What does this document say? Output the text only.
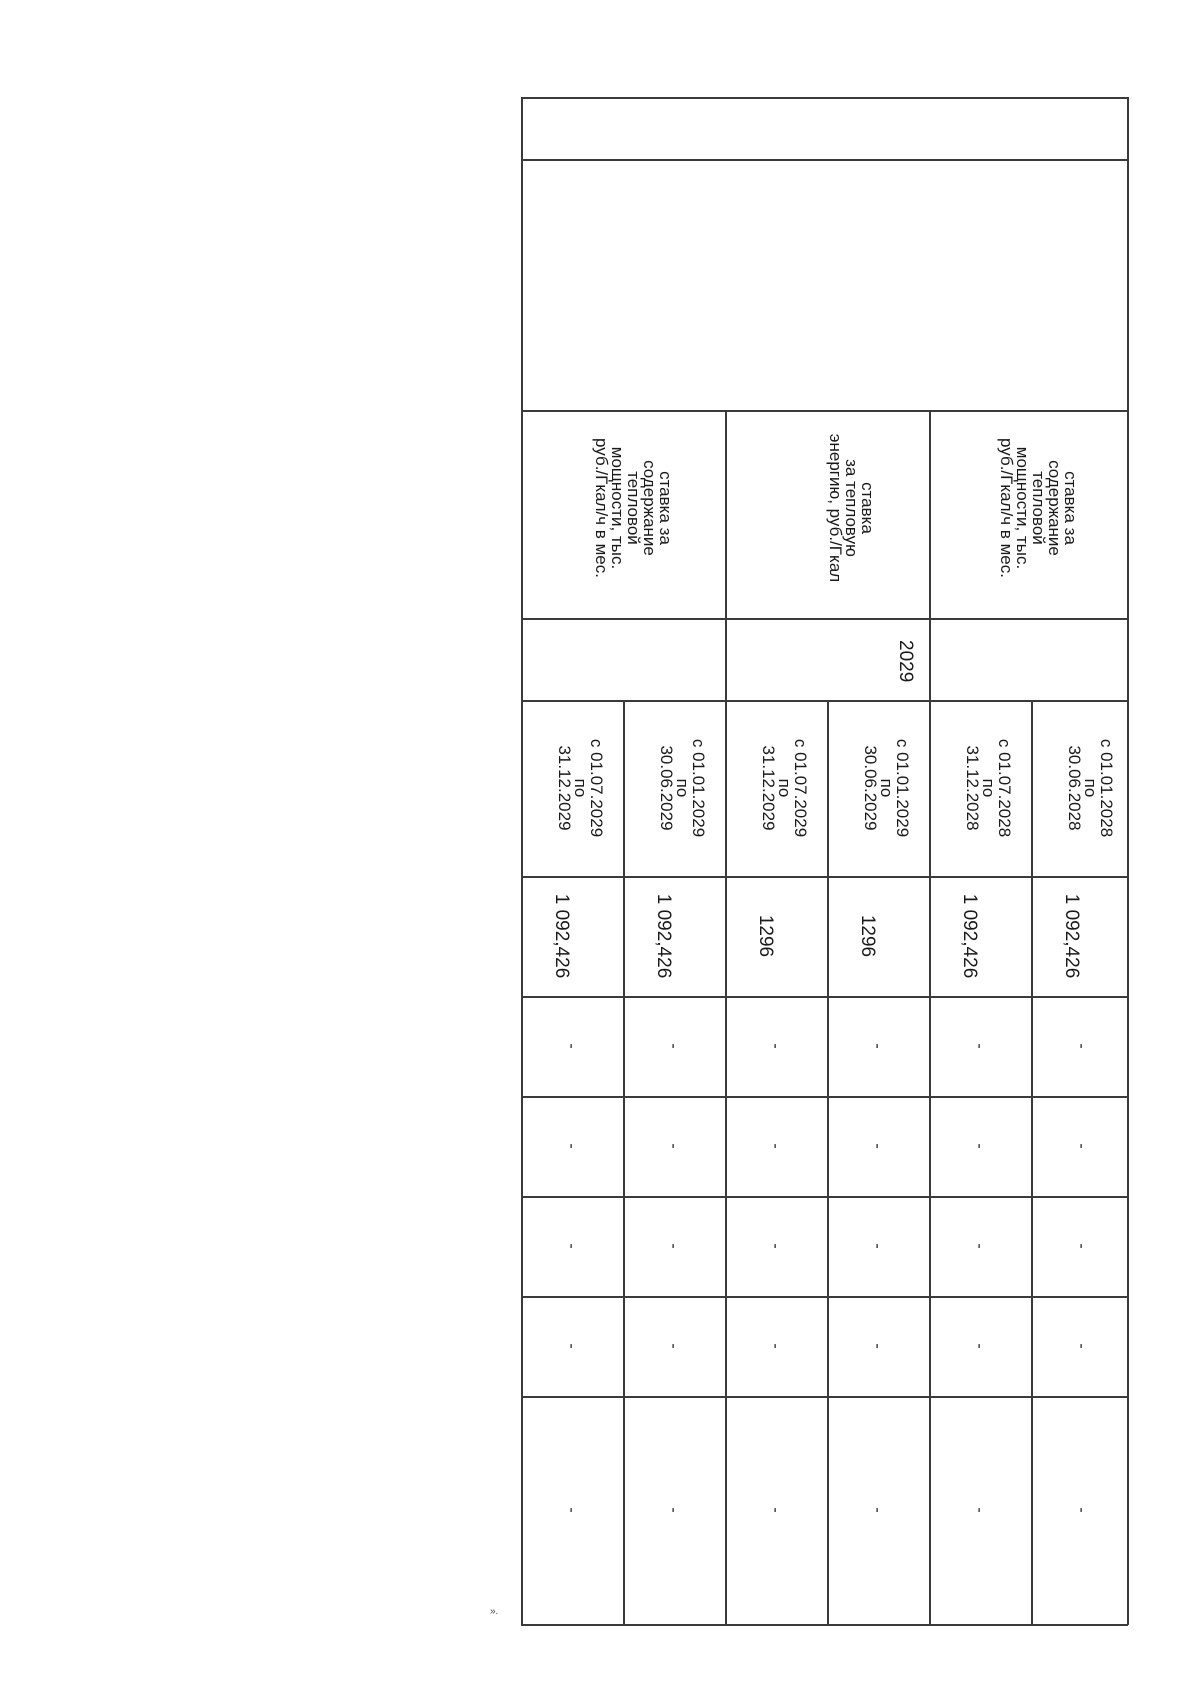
ставка за
содержание
тепловой
мощности, тыс.
руб./Гкал/ч в мес.
ставка
за тепловую
энергию, руб./Гкал
ставка за
содержание
тепловой
мощности, тыс.
руб./Гкал/ч в мес.
2029
с 01.01.2028
по 30.06.2028
с 01.07.2028
по 31.12.2028
с 01.01.2029
по 30.06.2029
с 01.07.2029
по 31.12.2029
с 01.01.2029
по 30.06.2029
с 01.07.2029
по 31.12.2029
1 092,426
1 092,426
1296
1296
1 092,426
1 092,426
-
-
-
-
-
-
-
-
-
-
-
-
-
-
-
-
-
-
-
-
-
-
-
-
-
-
-
-
-
-
».
